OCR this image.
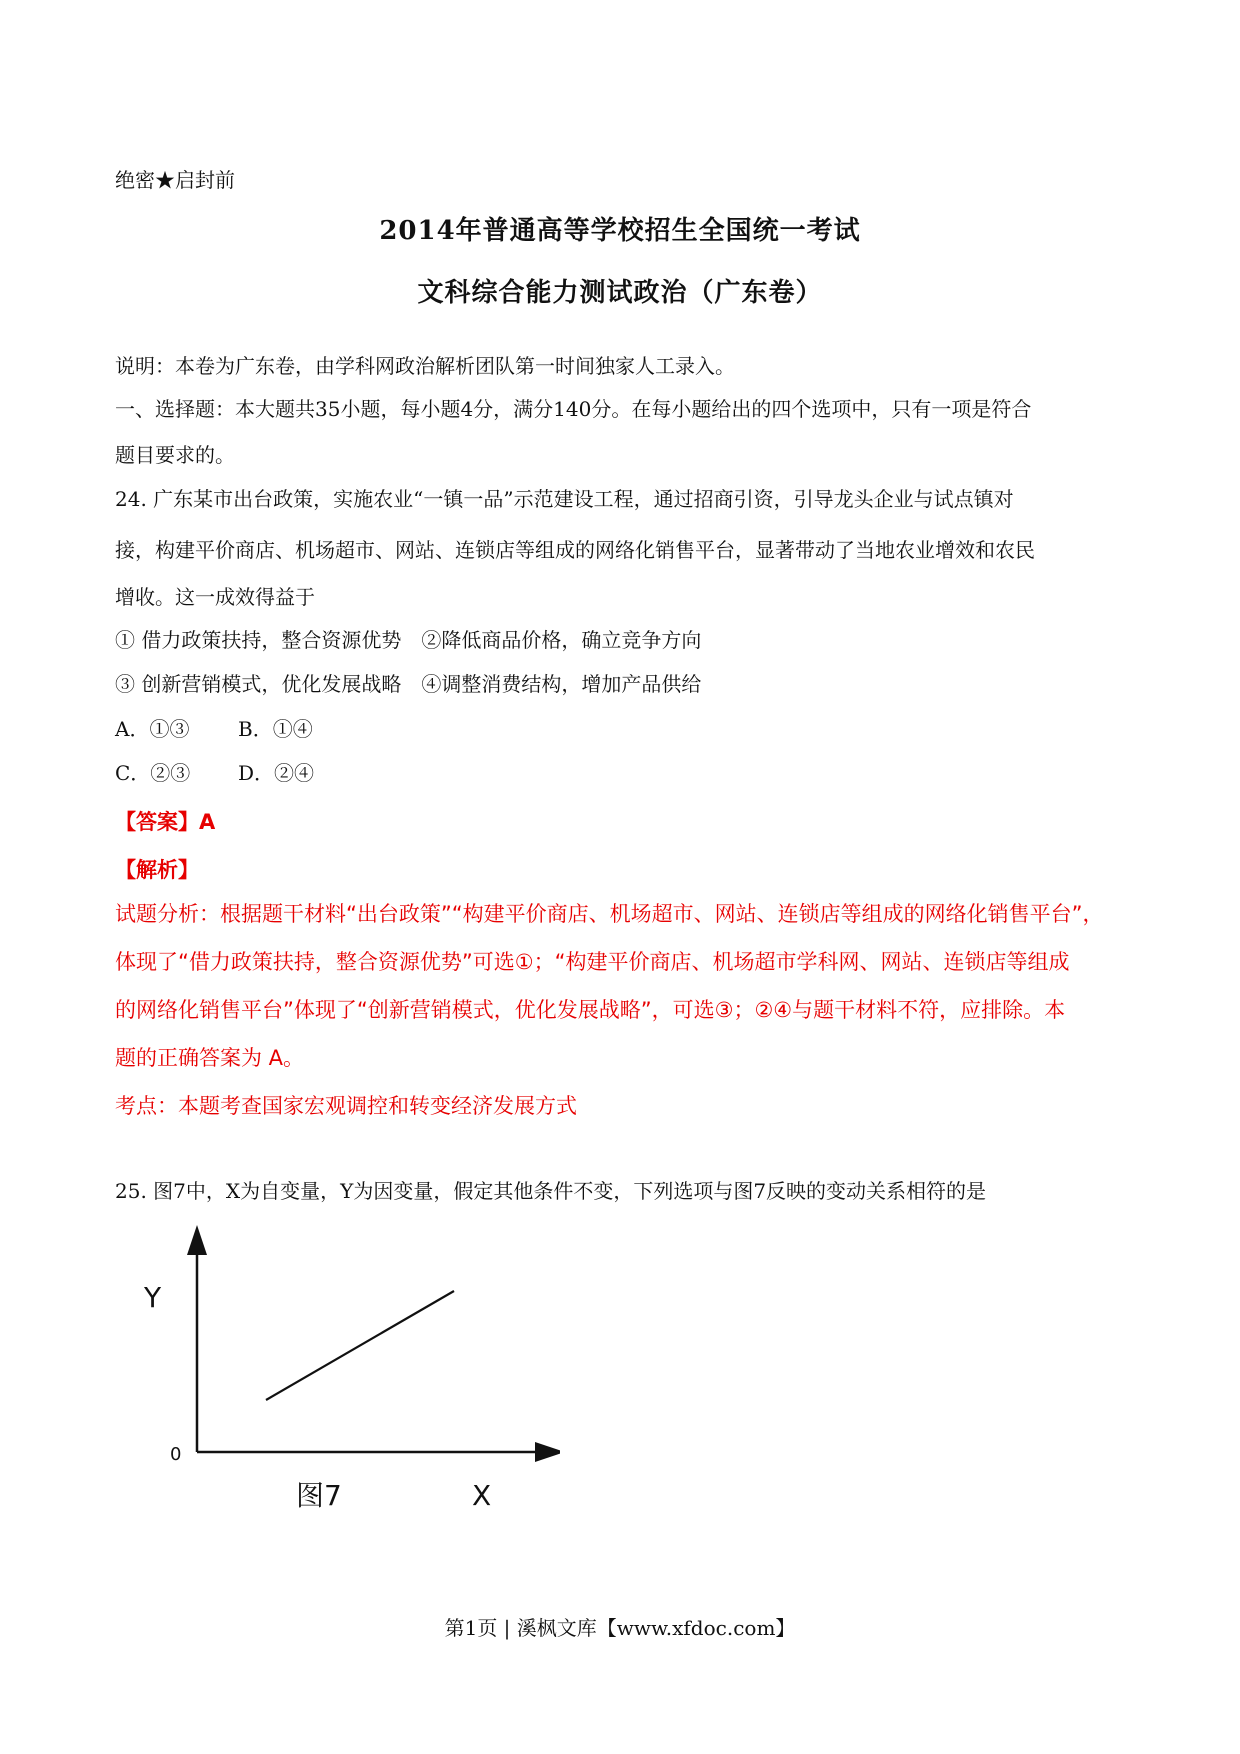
绝密★启封前
2014年普通高等学校招生全国统一考试
文科综合能力测试政治（广东卷）
说明：本卷为广东卷，由学科网政治解析团队第一时间独家人工录入。
一、选择题：本大题共35小题，每小题4分，满分140分。在每小题给出的四个选项中，只有一项是符合
题目要求的。
24. 广东某市出台政策，实施农业“一镇一品”示范建设工程，通过招商引资，引导龙头企业与试点镇对
接，构建平价商店、机场超市、网站、连锁店等组成的网络化销售平台，显著带动了当地农业增效和农民
增收。这一成效得益于
① 借力政策扶持，整合资源优势　②降低商品价格，确立竞争方向
③ 创新营销模式，优化发展战略　④调整消费结构，增加产品供给
A．①③ B．①④
C．②③ D．②④
【答案】A
【解析】
试题分析：根据题干材料“出台政策”“构建平价商店、机场超市、网站、连锁店等组成的网络化销售平台”，
体现了“借力政策扶持，整合资源优势”可选①；“构建平价商店、机场超市学科网、网站、连锁店等组成
的网络化销售平台”体现了“创新营销模式，优化发展战略”，可选③；②④与题干材料不符，应排除。本
题的正确答案为 A。
考点：本题考查国家宏观调控和转变经济发展方式
25. 图7中，X为自变量，Y为因变量，假定其他条件不变，下列选项与图7反映的变动关系相符的是
Y
0
图7	X
第1页 | 溪枫文库【www.xfdoc.com】
